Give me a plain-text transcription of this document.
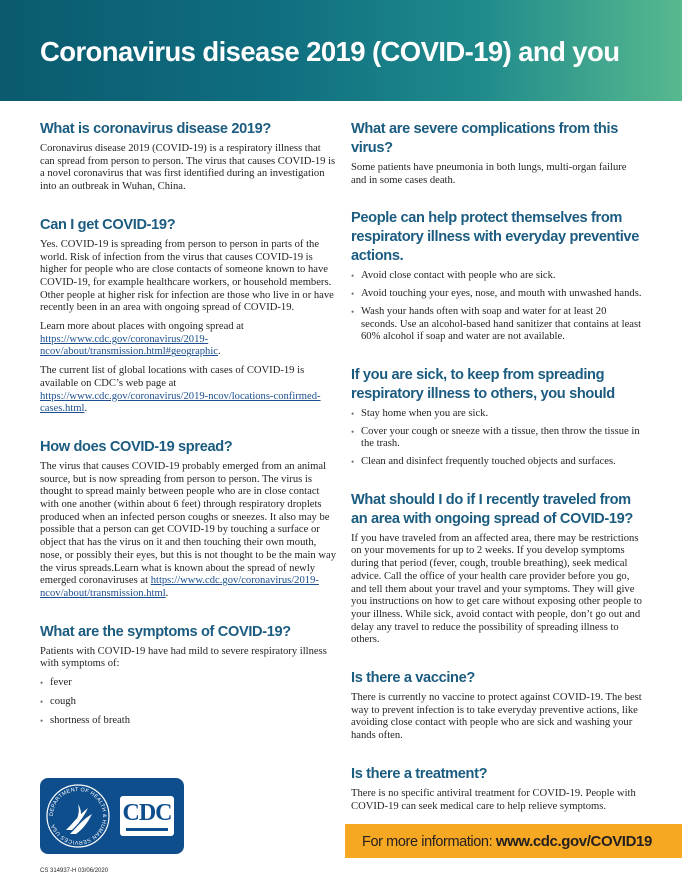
Coronavirus disease 2019 (COVID-19) and you
What is coronavirus disease 2019?

Coronavirus disease 2019 (COVID-19) is a respiratory illness that can spread from person to person. The virus that causes COVID-19 is a novel coronavirus that was first identified during an investigation into an outbreak in Wuhan, China.

Can I get COVID-19?

Yes. COVID-19 is spreading from person to person in parts of the world. Risk of infection from the virus that causes COVID-19 is higher for people who are close contacts of someone known to have COVID-19, for example healthcare workers, or household members. Other people at higher risk for infection are those who live in or have recently been in an area with ongoing spread of COVID-19.

Learn more about places with ongoing spread at https://www.cdc.gov/coronavirus/2019-ncov/about/transmission.html#geographic.

The current list of global locations with cases of COVID-19 is available on CDC’s web page at https://www.cdc.gov/coronavirus/2019-ncov/locations-confirmed-cases.html.

How does COVID-19 spread?

The virus that causes COVID-19 probably emerged from an animal source, but is now spreading from person to person. The virus is thought to spread mainly between people who are in close contact with one another (within about 6 feet) through respiratory droplets produced when an infected person coughs or sneezes. It also may be possible that a person can get COVID-19 by touching a surface or object that has the virus on it and then touching their own mouth, nose, or possibly their eyes, but this is not thought to be the main way the virus spreads.Learn what is known about the spread of newly emerged coronaviruses at https://www.cdc.gov/coronavirus/2019-ncov/about/transmission.html.

What are the symptoms of COVID-19?

Patients with COVID-19 have had mild to severe respiratory illness with symptoms of:

• fever
• cough
• shortness of breath
What are severe complications from this virus?

Some patients have pneumonia in both lungs, multi-organ failure and in some cases death.

People can help protect themselves from respiratory illness with everyday preventive actions.
• Avoid close contact with people who are sick.
• Avoid touching your eyes, nose, and mouth with unwashed hands.
• Wash your hands often with soap and water for at least 20 seconds. Use an alcohol-based hand sanitizer that contains at least 60% alcohol if soap and water are not available.
If you are sick, to keep from spreading respiratory illness to others, you should
• Stay home when you are sick.
• Cover your cough or sneeze with a tissue, then throw the tissue in the trash.
• Clean and disinfect frequently touched objects and surfaces.
What should I do if I recently traveled from an area with ongoing spread of COVID-19?

If you have traveled from an affected area, there may be restrictions on your movements for up to 2 weeks. If you develop symptoms during that period (fever, cough, trouble breathing), seek medical advice. Call the office of your health care provider before you go, and tell them about your travel and your symptoms. They will give you instructions on how to get care without exposing other people to your illness. While sick, avoid contact with people, don’t go out and delay any travel to reduce the possibility of spreading illness to others.

Is there a vaccine?

There is currently no vaccine to protect against COVID-19. The best way to prevent infection is to take everyday preventive actions, like avoiding close contact with people who are sick and washing your hands often.

Is there a treatment?

There is no specific antiviral treatment for COVID-19. People with COVID-19 can seek medical care to help relieve symptoms.

DEPARTMENT OF HEALTH & HUMAN SERVICES USA
CDC
CS 314937-H 03/06/2020
For more information: www.cdc.gov/COVID19
